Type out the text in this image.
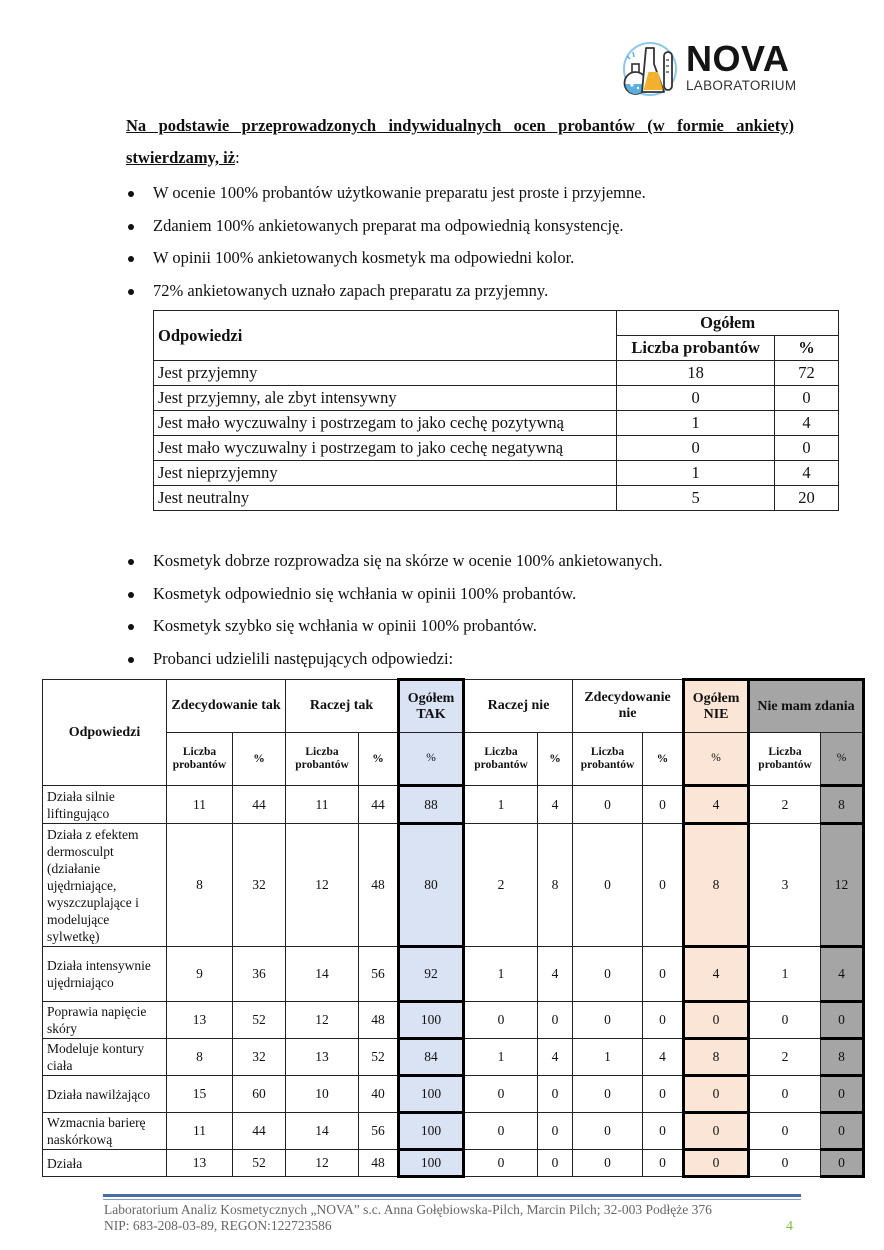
NOVA
LABORATORIUM
Na podstawie przeprowadzonych indywidualnych ocen probantów (w formie ankiety) stwierdzamy, iż:
W ocenie 100% probantów użytkowanie preparatu jest proste i przyjemne.
Zdaniem 100% ankietowanych preparat ma odpowiednią konsystencję.
W opinii 100% ankietowanych kosmetyk ma odpowiedni kolor.
72% ankietowanych uznało zapach preparatu za przyjemny.
Odpowiedzi	Ogółem	
	Liczba probantów	%
Jest przyjemny	18	72
Jest przyjemny, ale zbyt intensywny	0	0
Jest mało wyczuwalny i postrzegam to jako cechę pozytywną	1	4
Jest mało wyczuwalny i postrzegam to jako cechę negatywną	0	0
Jest nieprzyjemny	1	4
Jest neutralny	5	20
Kosmetyk dobrze rozprowadza się na skórze w ocenie 100% ankietowanych.
Kosmetyk odpowiednio się wchłania w opinii 100% probantów.
Kosmetyk szybko się wchłania w opinii 100% probantów.
Probanci udzielili następujących odpowiedzi:
Odpowiedzi	Zdecydowanie tak		Raczej tak		Ogółem TAK	Raczej nie		Zdecydowanie nie		Ogółem NIE	Nie mam zdania	
	Liczba probantów	%	Liczba probantów	%	%	Liczba probantów	%	Liczba probantów	%	%	Liczba probantów	%
Działa silnie liftingująco	11	44	11	44	88	1	4	0	0	4	2	8
Działa z efektem dermosculpt (działanie ujędrniające, wyszczuplające i modelujące sylwetkę)	8	32	12	48	80	2	8	0	0	8	3	12
Działa intensywnie ujędrniająco	9	36	14	56	92	1	4	0	0	4	1	4
Poprawia napięcie skóry	13	52	12	48	100	0	0	0	0	0	0	0
Modeluje kontury ciała	8	32	13	52	84	1	4	1	4	8	2	8
Działa nawilżająco	15	60	10	40	100	0	0	0	0	0	0	0
Wzmacnia barierę naskórkową	11	44	14	56	100	0	0	0	0	0	0	0
Działa	13	52	12	48	100	0	0	0	0	0	0	0
Laboratorium Analiz Kosmetycznych „NOVA” s.c. Anna Gołębiowska-Pilch, Marcin Pilch; 32-003 Podłęże 376
NIP: 683-208-03-89, REGON:122723586	4
